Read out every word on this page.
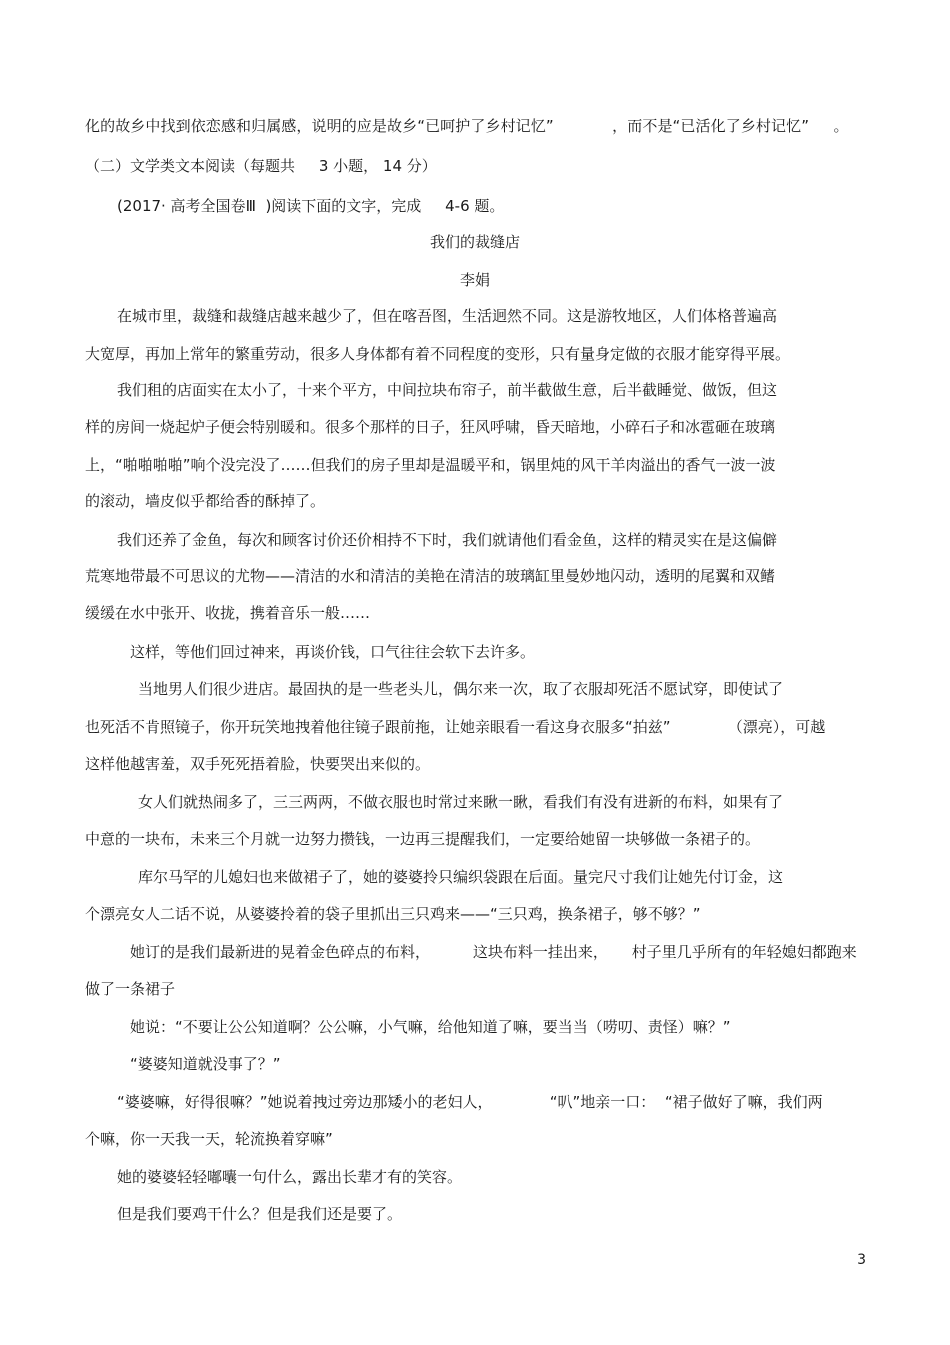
化的故乡中找到依恋感和归属感，说明的应是故乡“已呵护了乡村记忆”            ，而不是“已活化了乡村记忆”     。

（二）文学类文本阅读（每题共     3 小题， 14 分）

(2017· 高考全国卷Ⅲ  )阅读下面的文字，完成     4-6 题。

我们的裁缝店

李娟

在城市里，裁缝和裁缝店越来越少了，但在喀吾图，生活迥然不同。这是游牧地区，人们体格普遍高

大宽厚，再加上常年的繁重劳动，很多人身体都有着不同程度的变形，只有量身定做的衣服才能穿得平展。

我们租的店面实在太小了，十来个平方，中间拉块布帘子，前半截做生意，后半截睡觉、做饭，但这

样的房间一烧起炉子便会特别暖和。很多个那样的日子，狂风呼啸，昏天暗地，小碎石子和冰雹砸在玻璃

上，“啪啪啪啪”响个没完没了……但我们的房子里却是温暖平和，锅里炖的风干羊肉溢出的香气一波一波

的滚动，墙皮似乎都给香的酥掉了。

我们还养了金鱼，每次和顾客讨价还价相持不下时，我们就请他们看金鱼，这样的精灵实在是这偏僻

荒寒地带最不可思议的尤物——清洁的水和清洁的美艳在清洁的玻璃缸里曼妙地闪动，透明的尾翼和双鳍

缓缓在水中张开、收拢，携着音乐一般……

这样，等他们回过神来，再谈价钱，口气往往会软下去许多。

当地男人们很少进店。最固执的是一些老头儿，偶尔来一次，取了衣服却死活不愿试穿，即使试了

也死活不肯照镜子，你开玩笑地拽着他往镜子跟前拖，让她亲眼看一看这身衣服多“拍兹”            （漂亮），可越

这样他越害羞，双手死死捂着脸，快要哭出来似的。

女人们就热闹多了，三三两两，不做衣服也时常过来瞅一瞅，看我们有没有进新的布料，如果有了

中意的一块布，未来三个月就一边努力攒钱，一边再三提醒我们，一定要给她留一块够做一条裙子的。

库尔马罕的儿媳妇也来做裙子了，她的婆婆拎只编织袋跟在后面。量完尺寸我们让她先付订金，这

个漂亮女人二话不说，从婆婆拎着的袋子里抓出三只鸡来——“三只鸡，换条裙子，够不够？”

她订的是我们最新进的晃着金色碎点的布料，         这块布料一挂出来，     村子里几乎所有的年轻媳妇都跑来

做了一条裙子

她说：“不要让公公知道啊？公公嘛，小气嘛，给他知道了嘛，要当当（唠叨、责怪）嘛？”

“婆婆知道就没事了？”

“婆婆嘛，好得很嘛？”她说着拽过旁边那矮小的老妇人，            “叭”地亲一口：  “裙子做好了嘛，我们两

个嘛，你一天我一天，轮流换着穿嘛”

她的婆婆轻轻嘟囔一句什么，露出长辈才有的笑容。

但是我们要鸡干什么？但是我们还是要了。

3
